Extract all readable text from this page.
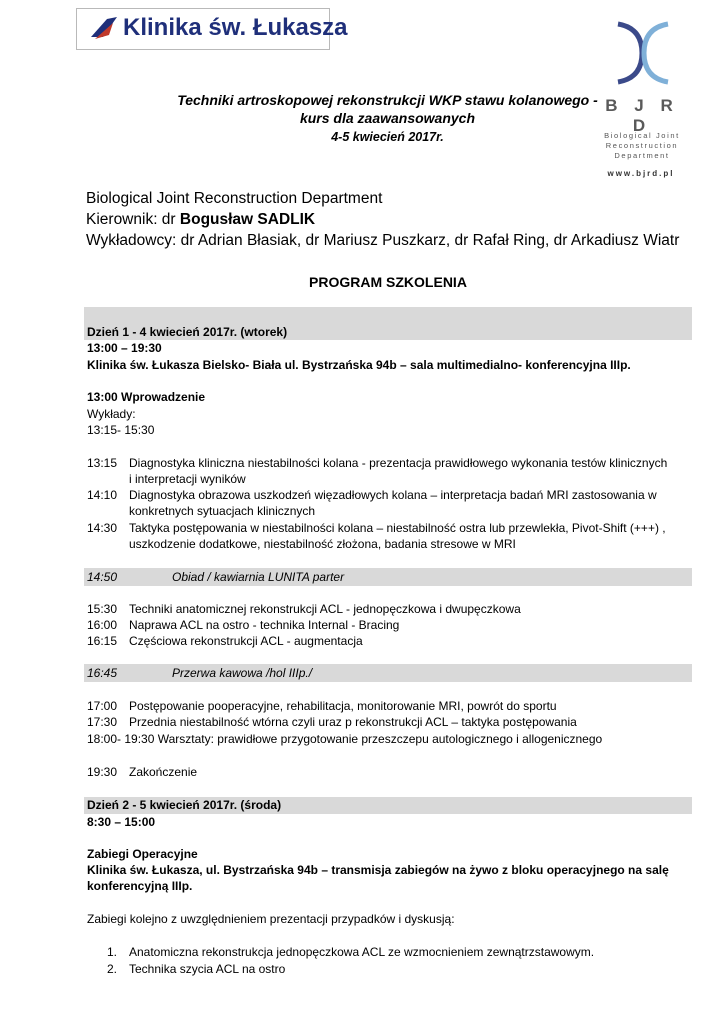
Klinika św. Łukasza
Techniki artroskopowej rekonstrukcji WKP stawu kolanowego -
kurs dla zaawansowanych
4-5 kwiecień 2017r.
B J R D
Biological Joint
Reconstruction
Department
www.bjrd.pl
Biological Joint Reconstruction Department
Kierownik: dr Bogusław SADLIK
Wykładowcy: dr Adrian Błasiak, dr Mariusz Puszkarz, dr Rafał Ring, dr Arkadiusz Wiatr
PROGRAM SZKOLENIA
Dzień 1 - 4 kwiecień 2017r. (wtorek)
13:00 – 19:30
Klinika św. Łukasza Bielsko- Biała ul. Bystrzańska 94b – sala multimedialno- konferencyjna IIIp.
13:00 Wprowadzenie
Wykłady:
13:15- 15:30
13:15 Diagnostyka kliniczna niestabilności kolana - prezentacja prawidłowego wykonania testów klinicznych
i interpretacji wyników
14:10 Diagnostyka obrazowa uszkodzeń więzadłowych kolana – interpretacja badań MRI zastosowania w
konkretnych sytuacjach klinicznych
14:30 Taktyka postępowania w niestabilności kolana – niestabilność ostra lub przewlekła, Pivot-Shift (+++) ,
uszkodzenie dodatkowe, niestabilność złożona, badania stresowe w MRI
14:50	Obiad / kawiarnia LUNITA parter
15:30 Techniki anatomicznej rekonstrukcji ACL - jednopęczkowa i dwupęczkowa
16:00 Naprawa ACL na ostro - technika Internal - Bracing
16:15 Częściowa rekonstrukcji ACL - augmentacja
16:45	Przerwa kawowa /hol IIIp./
17:00 Postępowanie pooperacyjne, rehabilitacja, monitorowanie MRI, powrót do sportu
17:30 Przednia niestabilność wtórna czyli uraz p rekonstrukcji ACL – taktyka postępowania
18:00- 19:30 Warsztaty: prawidłowe przygotowanie przeszczepu autologicznego i allogenicznego
19:30 Zakończenie
Dzień 2 - 5 kwiecień 2017r. (środa)
8:30 – 15:00
Zabiegi Operacyjne
Klinika św. Łukasza, ul. Bystrzańska 94b – transmisja zabiegów na żywo z bloku operacyjnego na salę
konferencyjną IIIp.
Zabiegi kolejno z uwzględnieniem prezentacji przypadków i dyskusją:
1. Anatomiczna rekonstrukcja jednopęczkowa ACL ze wzmocnieniem zewnątrzstawowym.
2. Technika szycia ACL na ostro
